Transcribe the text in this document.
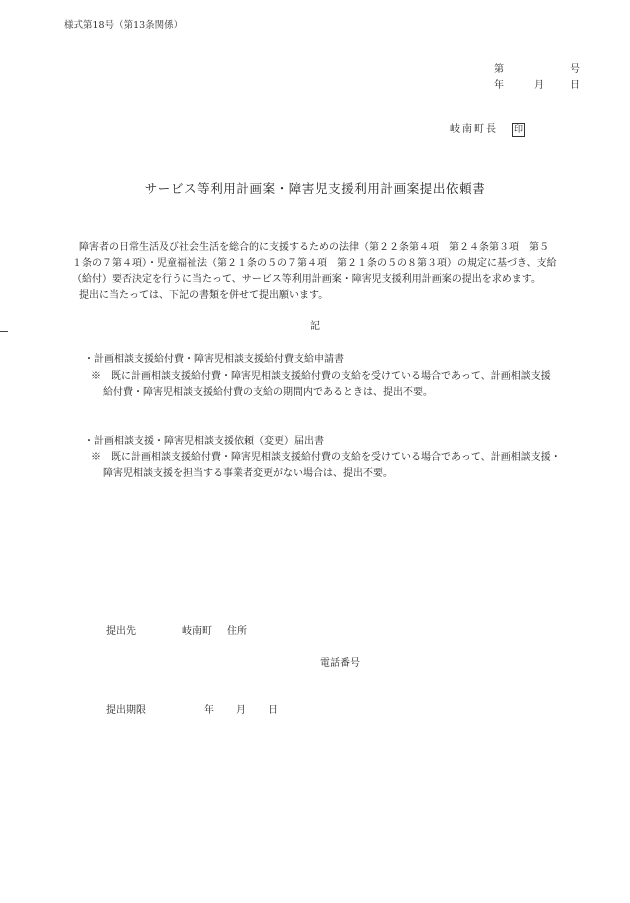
様式第18号（第13条関係）
第	号
年	月	日
岐南町長 印
サービス等利用計画案・障害児支援利用計画案提出依頼書
障害者の日常生活及び社会生活を総合的に支援するための法律（第２２条第４項　第２４条第３項　第５
１条の７第４項）・児童福祉法（第２１条の５の７第４項　第２１条の５の８第３項）の規定に基づき、支給
（給付）要否決定を行うに当たって、サービス等利用計画案・障害児支援利用計画案の提出を求めます。
提出に当たっては、下記の書類を併せて提出願います。
記
・計画相談支援給付費・障害児相談支援給付費支給申請書
※　既に計画相談支援給付費・障害児相談支援給付費の支給を受けている場合であって、計画相談支援
給付費・障害児相談支援給付費の支給の期間内であるときは、提出不要。
・計画相談支援・障害児相談支援依頼（変更）届出書
※　既に計画相談支援給付費・障害児相談支援給付費の支給を受けている場合であって、計画相談支援・
障害児相談支援を担当する事業者変更がない場合は、提出不要。
提出先	岐南町 住所
電話番号
提出期限	年 月 日
